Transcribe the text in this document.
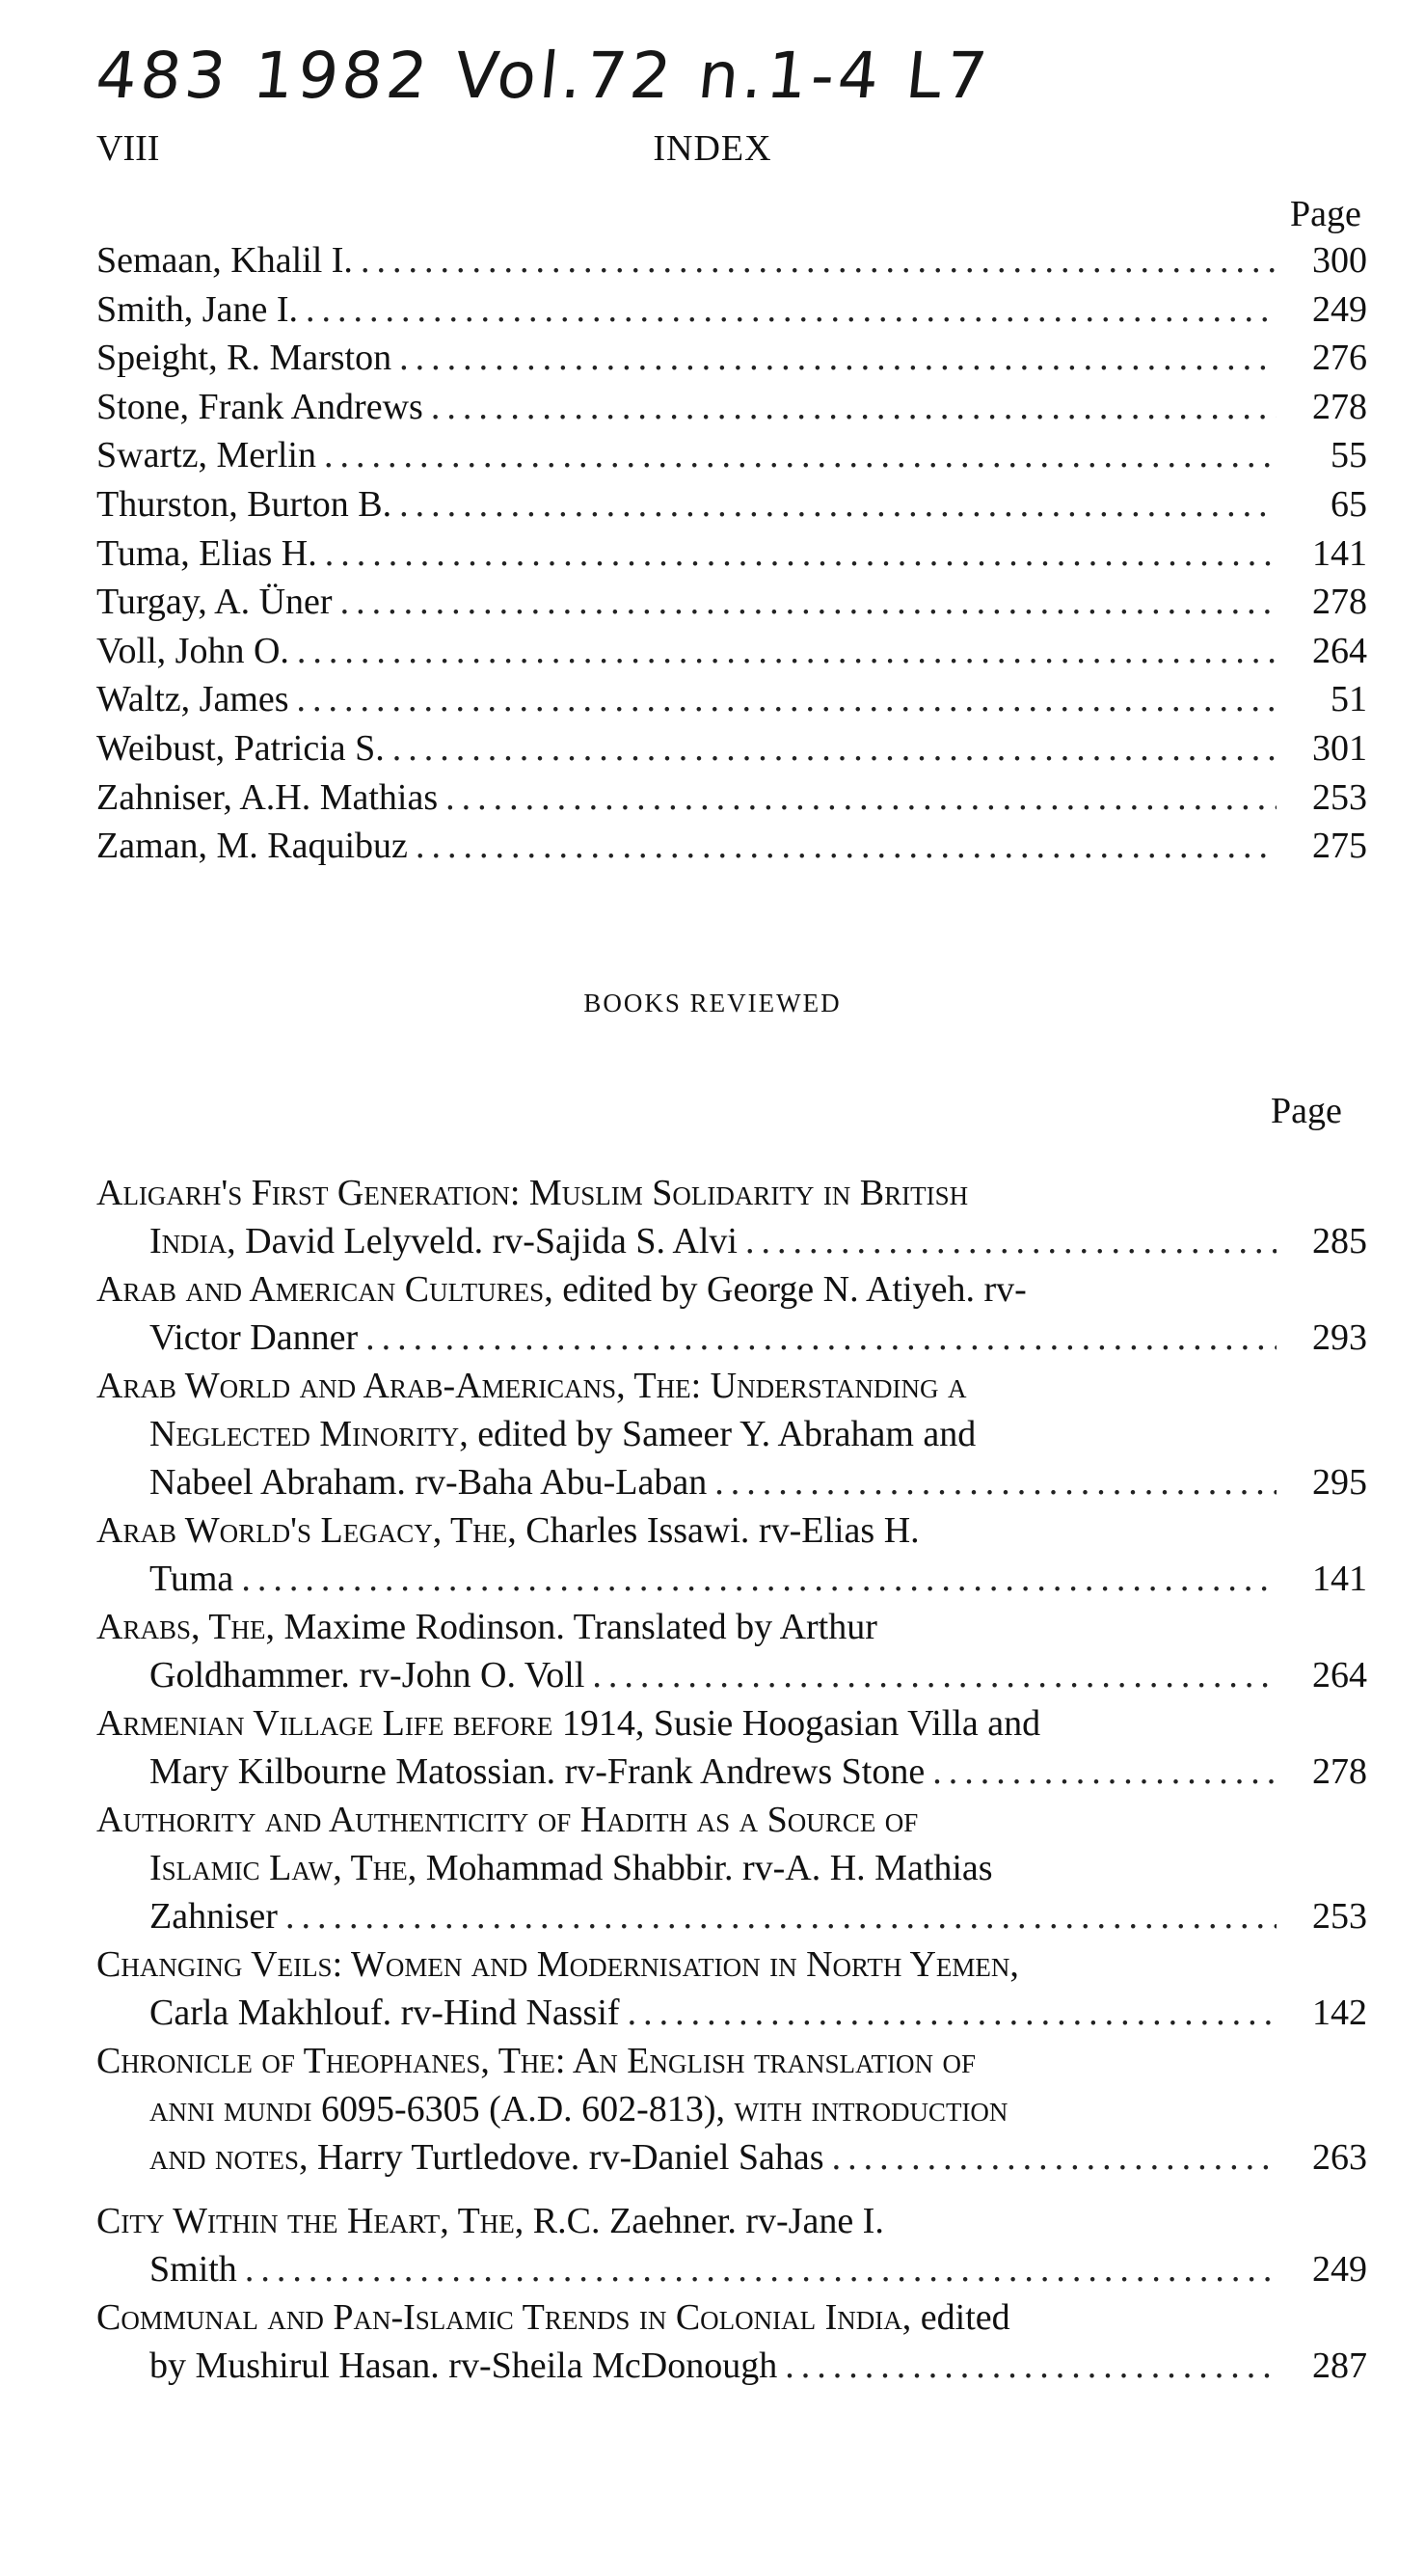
483 1982 Vol.72 n.1-4 L7
VIII	INDEX
Page
Semaan, Khalil I. .....	300
Smith, Jane I. .....	249
Speight, R. Marston .....	276
Stone, Frank Andrews .....	278
Swartz, Merlin .....	55
Thurston, Burton B. .....	65
Tuma, Elias H. .....	141
Turgay, A. Üner .....	278
Voll, John O. .....	264
Waltz, James .....	51
Weibust, Patricia S. .....	301
Zahniser, A.H. Mathias .....	253
Zaman, M. Raquibuz .....	275
BOOKS REVIEWED
Page
Aligarh's First Generation: Muslim Solidarity in British
India , David Lelyveld. rv-Sajida S. Alvi .....	285
Arab and American Cultures , edited by George N. Atiyeh. rv-
Victor Danner .....	293
Arab World and Arab-Americans, The: Understanding a
Neglected Minority , edited by Sameer Y. Abraham and
Nabeel Abraham. rv-Baha Abu-Laban .....	295
Arab World's Legacy, The , Charles Issawi. rv-Elias H.
Tuma .....	141
Arabs, The , Maxime Rodinson. Translated by Arthur
Goldhammer. rv-John O. Voll .....	264
Armenian Village Life before 1914 , Susie Hoogasian Villa and
Mary Kilbourne Matossian. rv-Frank Andrews Stone .....	278
Authority and Authenticity of Hadith as a Source of
Islamic Law, The , Mohammad Shabbir. rv-A. H. Mathias
Zahniser .....	253
Changing Veils: Women and Modernisation in North Yemen ,
Carla Makhlouf. rv-Hind Nassif .....	142
Chronicle of Theophanes, The: An English translation of
anni mundi 6095-6305 (A.D. 602-813), with introduction
and notes , Harry Turtledove. rv-Daniel Sahas .....	263
City Within the Heart, The , R.C. Zaehner. rv-Jane I.
Smith .....	249
Communal and Pan-Islamic Trends in Colonial India , edited
by Mushirul Hasan. rv-Sheila McDonough .....	287
